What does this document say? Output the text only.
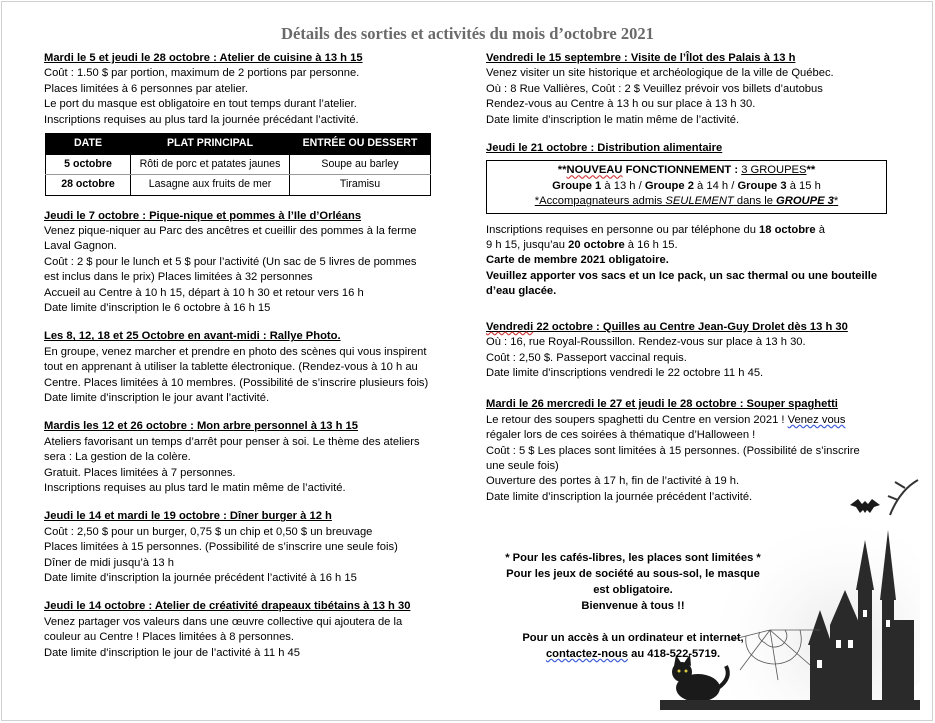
Détails des sorties et activités du mois d’octobre 2021
Mardi le 5 et jeudi le 28 octobre : Atelier de cuisine à 13 h 15
Coût : 1.50 $ par portion, maximum de 2 portions par personne.
Places limitées à 6 personnes par atelier.
Le port du masque est obligatoire en tout temps durant l’atelier.
Inscriptions requises au plus tard la journée précédant l’activité.
DATE	PLAT PRINCIPAL	ENTRÉE OU DESSERT
5 octobre	Rôti de porc et patates jaunes	Soupe au barley
28 octobre	Lasagne aux fruits de mer	Tiramisu
Jeudi le 7 octobre : Pique-nique et pommes à l’Ile d’Orléans
Venez pique-niquer au Parc des ancêtres et cueillir des pommes à la ferme
Laval Gagnon.
Coût : 2 $ pour le lunch et 5 $ pour l’activité (Un sac de 5 livres de pommes
est inclus dans le prix) Places limitées à 32 personnes
Accueil au Centre à 10 h 15, départ à 10 h 30 et retour vers 16 h
Date limite d’inscription le 6 octobre à 16 h 15
Les 8, 12, 18 et 25 Octobre en avant-midi : Rallye Photo.
En groupe, venez marcher et prendre en photo des scènes qui vous inspirent
tout en apprenant à utiliser la tablette électronique. (Rendez-vous à 10 h au
Centre. Places limitées à 10 membres. (Possibilité de s’inscrire plusieurs fois)
Date limite d’inscription le jour avant l’activité.
Mardis les 12 et 26 octobre : Mon arbre personnel à 13 h 15
Ateliers favorisant un temps d’arrêt pour penser à soi. Le thème des ateliers
sera : La gestion de la colère.
Gratuit. Places limitées à 7 personnes.
Inscriptions requises au plus tard le matin même de l’activité.
Jeudi le 14 et mardi le 19 octobre : Dîner burger à 12 h
Coût : 2,50 $ pour un burger, 0,75 $ un chip et 0,50 $ un breuvage
Places limitées à 15 personnes. (Possibilité de s’inscrire une seule fois)
Dîner de midi jusqu’à 13 h
Date limite d’inscription la journée précédent l’activité à 16 h 15
Jeudi le 14 octobre : Atelier de créativité drapeaux tibétains à 13 h 30
Venez partager vos valeurs dans une œuvre collective qui ajoutera de la
couleur au Centre ! Places limitées à 8 personnes.
Date limite d’inscription le jour de l’activité à 11 h 45
Vendredi le 15 septembre : Visite de l’Îlot des Palais à 13 h
Venez visiter un site historique et archéologique de la ville de Québec.
Où : 8 Rue Vallières, Coût : 2 $ Veuillez prévoir vos billets d’autobus
Rendez-vous au Centre à 13 h ou sur place à 13 h 30.
Date limite d’inscription le matin même de l’activité.
Jeudi le 21 octobre : Distribution alimentaire
**NOUVEAU FONCTIONNEMENT : 3 GROUPES**
Groupe 1 à 13 h / Groupe 2 à 14 h / Groupe 3 à 15 h
*Accompagnateurs admis SEULEMENT dans le GROUPE 3*
Inscriptions requises en personne ou par téléphone du 18 octobre à
9 h 15, jusqu’au 20 octobre à 16 h 15.
Carte de membre 2021 obligatoire.
Veuillez apporter vos sacs et un Ice pack, un sac thermal ou une bouteille
d’eau glacée.
Vendredi 22 octobre : Quilles au Centre Jean-Guy Drolet dès 13 h 30
Où : 16, rue Royal-Roussillon. Rendez-vous sur place à 13 h 30.
Coût : 2,50 $. Passeport vaccinal requis.
Date limite d’inscriptions vendredi le 22 octobre 11 h 45.
Mardi le 26 mercredi le 27 et jeudi le 28 octobre : Souper spaghetti
Le retour des soupers spaghetti du Centre en version 2021 ! Venez vous
régaler lors de ces soirées à thématique d’Halloween !
Coût : 5 $ Les places sont limitées à 15 personnes. (Possibilité de s’inscrire
une seule fois)
Ouverture des portes à 17 h, fin de l’activité à 19 h.
Date limite d’inscription la journée précédent l’activité.
* Pour les cafés-libres, les places sont limitées *
Pour les jeux de société au sous-sol, le masque
est obligatoire.
Bienvenue à tous !!
Pour un accès à un ordinateur et internet,
contactez-nous au 418-522-5719.
